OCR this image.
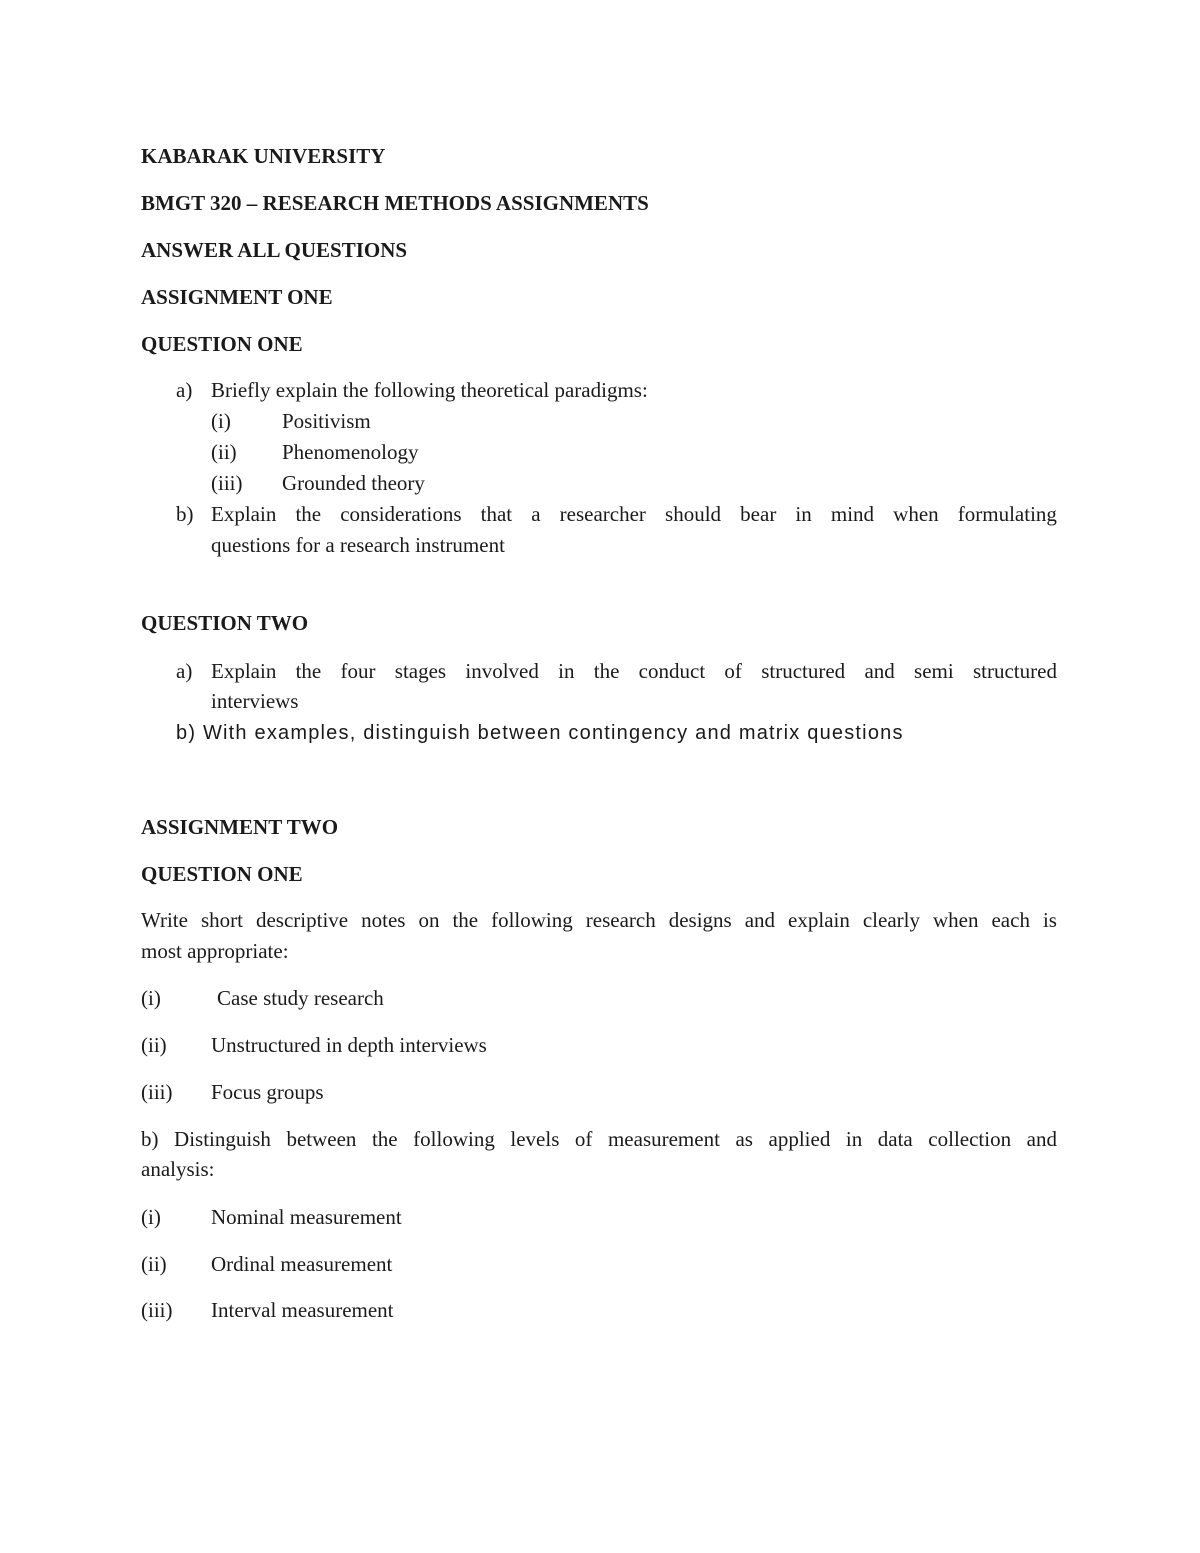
KABARAK UNIVERSITY
BMGT 320 – RESEARCH METHODS ASSIGNMENTS
ANSWER ALL QUESTIONS
ASSIGNMENT ONE
QUESTION ONE
a) Briefly explain the following theoretical paradigms:
(i) Positivism
(ii) Phenomenology
(iii) Grounded theory
b) Explain the considerations that a researcher should bear in mind when formulating
questions for a research instrument
QUESTION TWO
a) Explain the four stages involved in the conduct of structured and semi structured
interviews
b) With examples, distinguish between contingency and matrix questions
ASSIGNMENT TWO
QUESTION ONE
Write short descriptive notes on the following research designs and explain clearly when each is
most appropriate:
(i)	Case study research
(ii) Unstructured in depth interviews
(iii) Focus groups
b) Distinguish between the following levels of measurement as applied in data collection and
analysis:
(i) Nominal measurement
(ii) Ordinal measurement
(iii) Interval measurement
